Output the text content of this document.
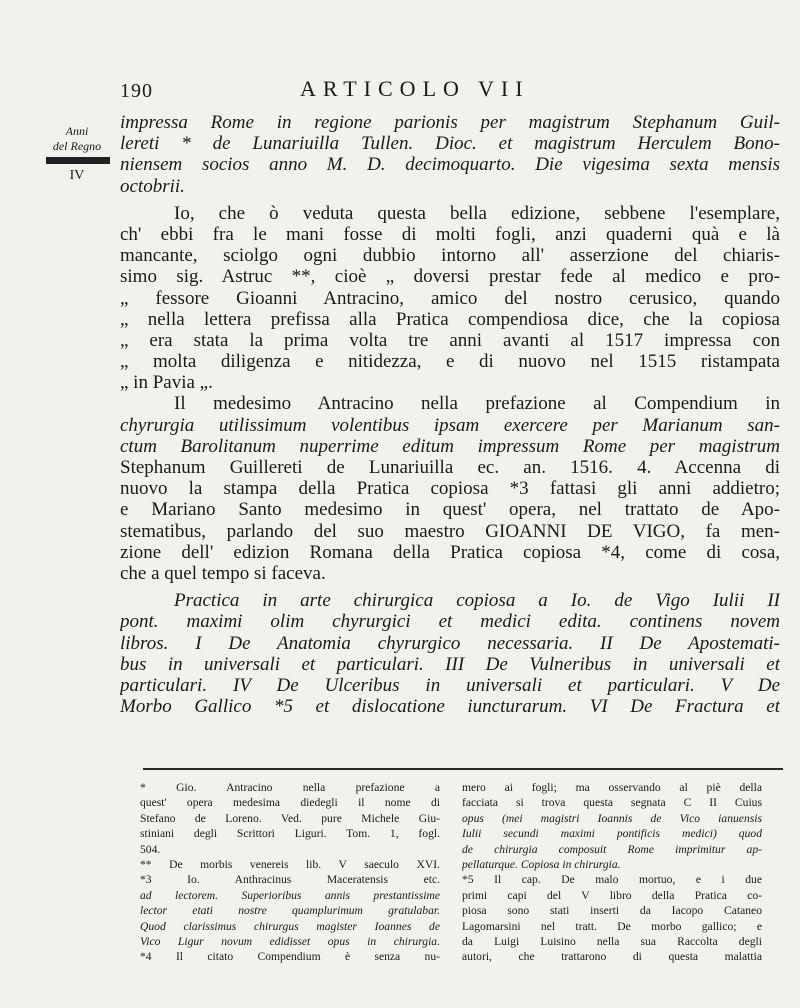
190	ARTICOLO VII
Anni
del Regno
IV
impressa Rome in regione parionis per magistrum Stephanum Guil-
lereti * de Lunariuilla Tullen. Dioc. et magistrum Herculem Bono-
niensem socios anno M. D. decimoquarto. Die vigesima sexta mensis
octobrii.
Io, che ò veduta questa bella edizione, sebbene l'esemplare,
ch' ebbi fra le mani fosse di molti fogli, anzi quaderni quà e là
mancante, sciolgo ogni dubbio intorno all' asserzione del chiaris-
simo sig. Astruc **, cioè „ doversi prestar fede al medico e pro-
„ fessore Gioanni Antracino, amico del nostro cerusico, quando
„ nella lettera prefissa alla Pratica compendiosa dice, che la copiosa
„ era stata la prima volta tre anni avanti al 1517 impressa con
„ molta diligenza e nitidezza, e di nuovo nel 1515 ristampata
„ in Pavia „.
Il medesimo Antracino nella prefazione al Compendium in
chyrurgia utilissimum volentibus ipsam exercere per Marianum san-
ctum Barolitanum nuperrime editum impressum Rome per magistrum
Stephanum Guillereti de Lunariuilla ec. an. 1516. 4. Accenna di
nuovo la stampa della Pratica copiosa *3 fattasi gli anni addietro;
e Mariano Santo medesimo in quest' opera, nel trattato de Apo-
stematibus, parlando del suo maestro GIOANNI DE VIGO, fa men-
zione dell' edizion Romana della Pratica copiosa *4, come di cosa,
che a quel tempo si faceva.
Practica in arte chirurgica copiosa a Io. de Vigo Iulii II
pont. maximi olim chyrurgici et medici edita. continens novem
libros. I De Anatomia chyrurgico necessaria. II De Apostemati-
bus in universali et particulari. III De Vulneribus in universali et
particulari. IV De Ulceribus in universali et particulari. V De
Morbo Gallico *5 et dislocatione iuncturarum. VI De Fractura et
* Gio. Antracino nella prefazione a
quest' opera medesima diedegli il nome di
Stefano de Loreno. Ved. pure Michele Giu-
stiniani degli Scrittori Liguri. Tom. 1, fogl.
504.
** De morbis venereis lib. V saeculo XVI.
*3 Io. Anthracinus Maceratensis etc.
ad lectorem. Superioribus annis prestantissime
lector etati nostre quamplurimum gratulabar.
Quod clarissimus chirurgus magister Ioannes de
Vico Ligur novum edidisset opus in chirurgia.
*4 Il citato Compendium è senza nu-
mero ai fogli; ma osservando al piè della
facciata si trova questa segnata C II Cuius
opus (mei magistri Ioannis de Vico ianuensis
Iulii secundi maximi pontificis medici) quod
de chirurgia composuit Rome imprimitur ap-
pellaturque. Copiosa in chirurgia.
*5 Il cap. De malo mortuo, e i due
primi capi del V libro della Pratica co-
piosa sono stati inserti da Iacopo Cataneo
Lagomarsini nel tratt. De morbo gallico; e
da Luigi Luisino nella sua Raccolta degli
autori, che trattarono di questa malattia
